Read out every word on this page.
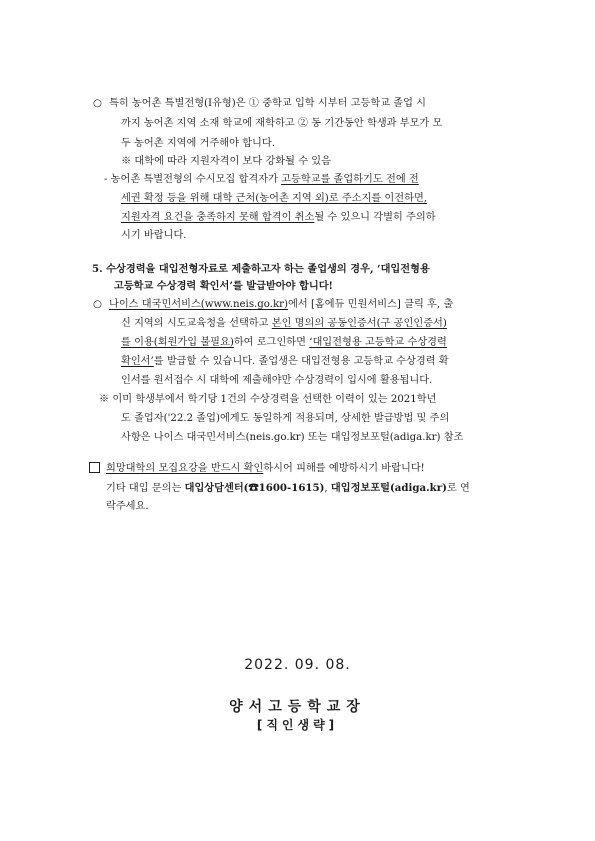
○ 특히 농어촌 특별전형(Ⅰ유형)은 ① 중학교 입학 시부터 고등학교 졸업 시
까지 농어촌 지역 소재 학교에 재학하고 ② 동 기간동안 학생과 부모가 모
두 농어촌 지역에 거주해야 합니다.
※ 대학에 따라 지원자격이 보다 강화될 수 있음
- 농어촌 특별전형의 수시모집 합격자가 고등학교를 졸업하기도 전에 전
세권 확정 등을 위해 대학 근처(농어촌 지역 외)로 주소지를 이전하면,
지원자격 요건을 충족하지 못해 합격이 취소될 수 있으니 각별히 주의하
시기 바랍니다.
5. 수상경력을 대입전형자료로 제출하고자 하는 졸업생의 경우, ‘대입전형용
고등학교 수상경력 확인서’를 발급받아야 합니다!
○ 나이스 대국민서비스(www.neis.go.kr)에서 [홈에듀 민원서비스] 클릭 후, 출
신 지역의 시도교육청을 선택하고 본인 명의의 공동인증서(구 공인인증서)
를 이용(회원가입 불필요)하여 로그인하면 ‘대입전형용 고등학교 수상경력
확인서’를 발급할 수 있습니다. 졸업생은 대입전형용 고등학교 수상경력 확
인서를 원서접수 시 대학에 제출해야만 수상경력이 입시에 활용됩니다.
※ 이미 학생부에서 학기당 1건의 수상경력을 선택한 이력이 있는 2021학년
도 졸업자('22.2 졸업)에게도 동일하게 적용되며, 상세한 발급방법 및 주의
사항은 나이스 대국민서비스(neis.go.kr) 또는 대입정보포털(adiga.kr) 참조
희망대학의 모집요강을 반드시 확인하시어 피해를 예방하시기 바랍니다!
기타 대입 문의는 대입상담센터(☎1600-1615), 대입정보포털(adiga.kr)로 연
락주세요.
2022. 09. 08.
양서고등학교장
[직인생략]
